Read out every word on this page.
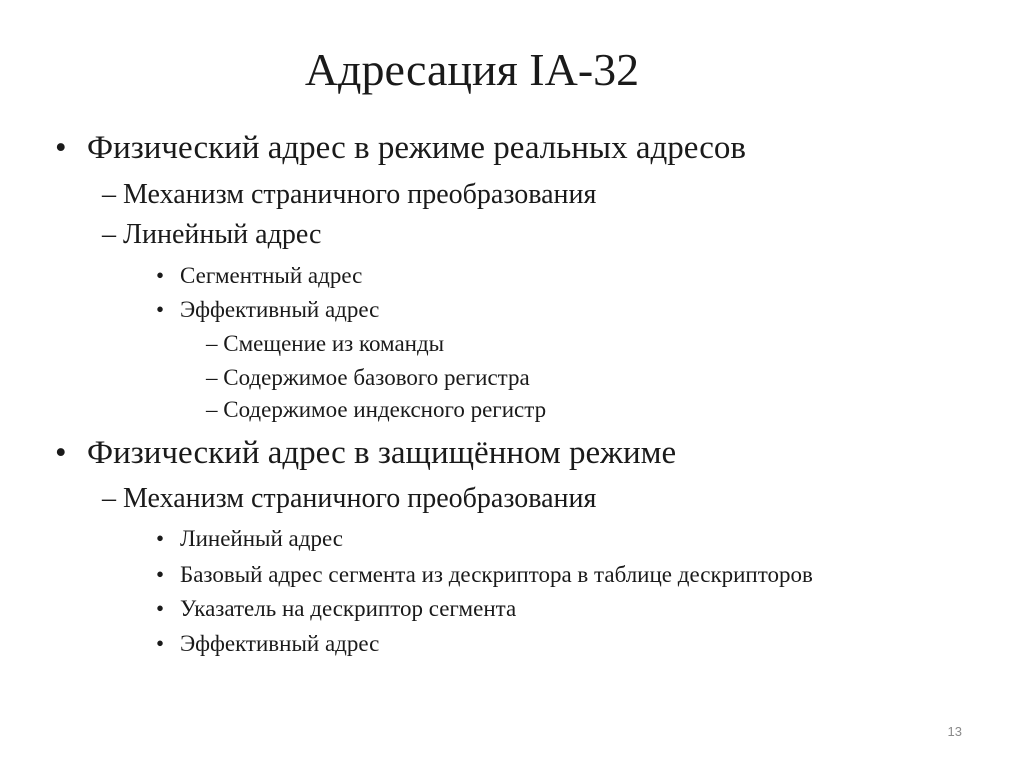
Адресация IA-32
• Физический адрес в режиме реальных адресов
– Механизм страничного преобразования
– Линейный адрес
• Сегментный адрес
• Эффективный адрес
– Смещение из команды
– Содержимое базового регистра
– Содержимое индексного регистр
• Физический адрес в защищённом режиме
– Механизм страничного преобразования
• Линейный адрес
• Базовый адрес сегмента из дескриптора в таблице дескрипторов
• Указатель на дескриптор сегмента
• Эффективный адрес
13
